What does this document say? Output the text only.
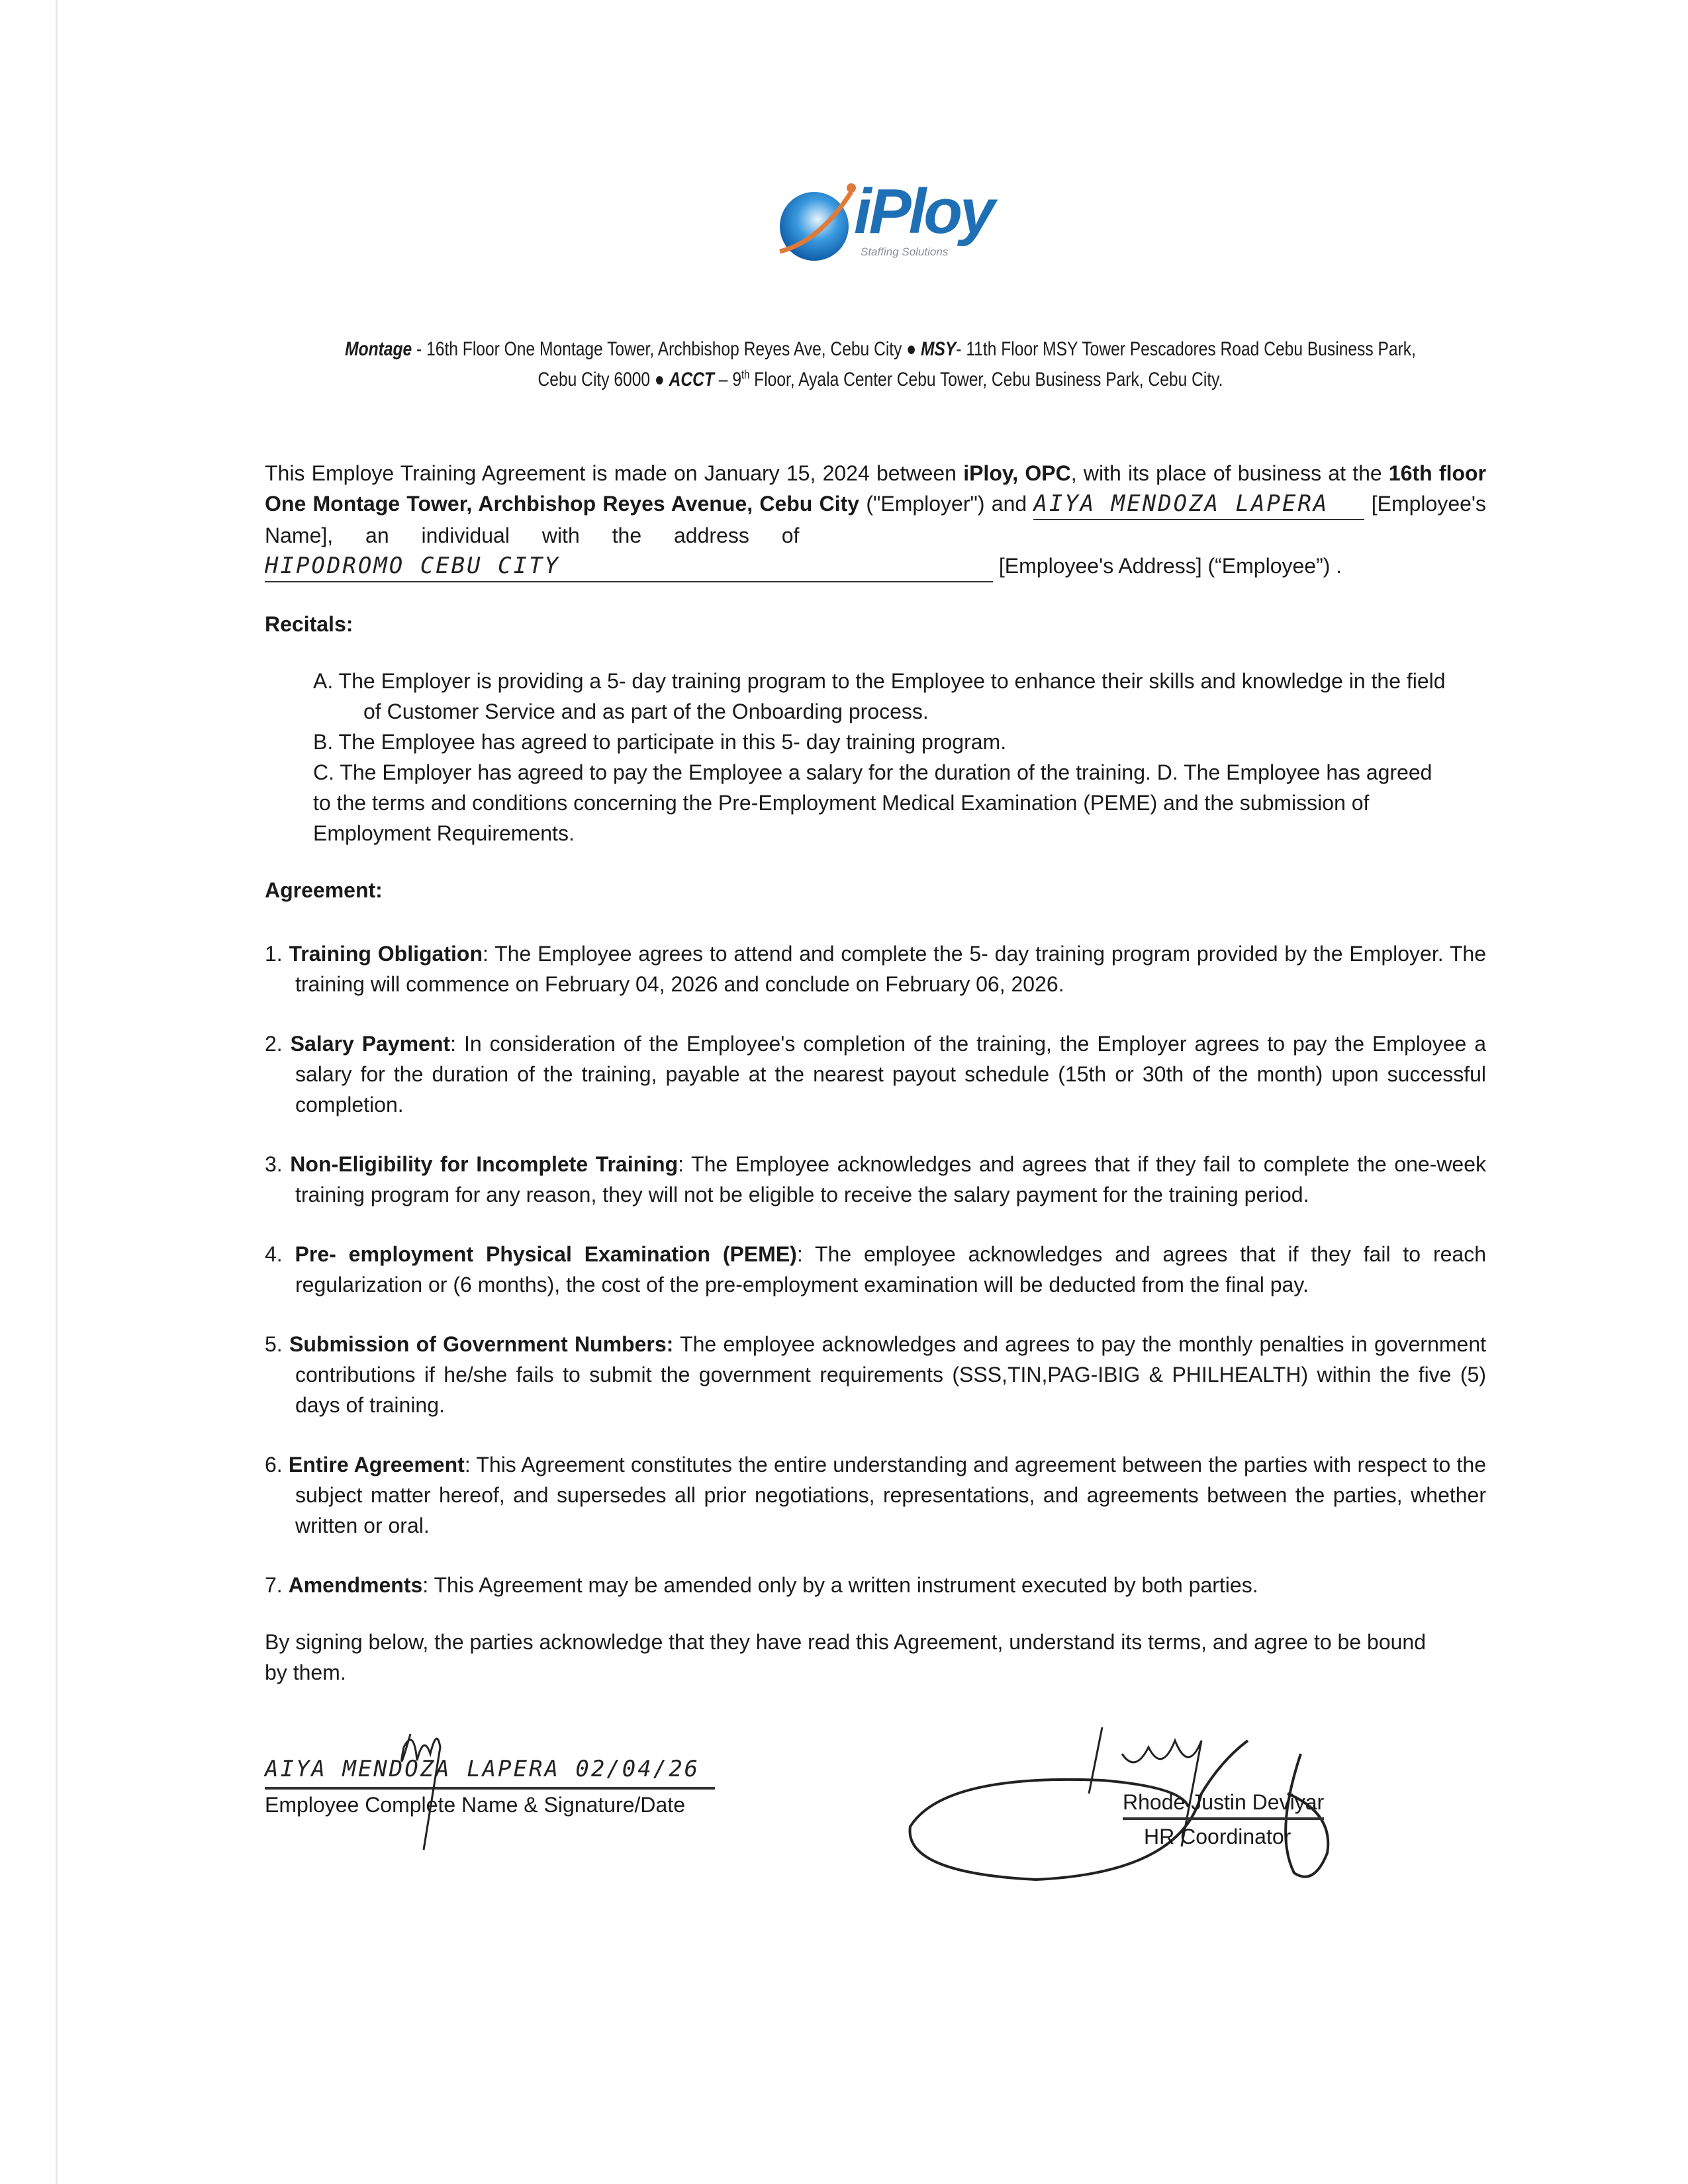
iPloy
Staffing Solutions
Montage - 16th Floor One Montage Tower, Archbishop Reyes Ave, Cebu City ● MSY- 11th Floor MSY Tower Pescadores Road Cebu Business Park, Cebu City 6000 ● ACCT – 9th Floor, Ayala Center Cebu Tower, Cebu Business Park, Cebu City.
This Employe Training Agreement is made on January 15, 2024 between iPloy, OPC, with its place of business at the 16th floor One Montage Tower, Archbishop Reyes Avenue, Cebu City ("Employer") and AIYA MENDOZA LAPERA [Employee's Name], an individual with the address of
HIPODROMO CEBU CITY	[Employee's Address] (“Employee”) .
Recitals:
A. The Employer is providing a 5- day training program to the Employee to enhance their skills and knowledge in the field of Customer Service and as part of the Onboarding process.
B. The Employee has agreed to participate in this 5- day training program.
C. The Employer has agreed to pay the Employee a salary for the duration of the training. D. The Employee has agreed to the terms and conditions concerning the Pre-Employment Medical Examination (PEME) and the submission of Employment Requirements.
Agreement:
1. Training Obligation: The Employee agrees to attend and complete the 5- day training program provided by the Employer. The training will commence on February 04, 2026 and conclude on February 06, 2026.
2. Salary Payment: In consideration of the Employee's completion of the training, the Employer agrees to pay the Employee a salary for the duration of the training, payable at the nearest payout schedule (15th or 30th of the month) upon successful completion.
3. Non-Eligibility for Incomplete Training: The Employee acknowledges and agrees that if they fail to complete the one-week training program for any reason, they will not be eligible to receive the salary payment for the training period.
4. Pre- employment Physical Examination (PEME): The employee acknowledges and agrees that if they fail to reach regularization or (6 months), the cost of the pre-employment examination will be deducted from the final pay.
5. Submission of Government Numbers: The employee acknowledges and agrees to pay the monthly penalties in government contributions if he/she fails to submit the government requirements (SSS,TIN,PAG-IBIG & PHILHEALTH) within the five (5) days of training.
6. Entire Agreement: This Agreement constitutes the entire understanding and agreement between the parties with respect to the subject matter hereof, and supersedes all prior negotiations, representations, and agreements between the parties, whether written or oral.
7. Amendments: This Agreement may be amended only by a written instrument executed by both parties.
By signing below, the parties acknowledge that they have read this Agreement, understand its terms, and agree to be bound by them.
AIYA MENDOZA LAPERA 02/04/26
Employee Complete Name & Signature/Date	Rhode Justin Deviyar
HR Coordinator
